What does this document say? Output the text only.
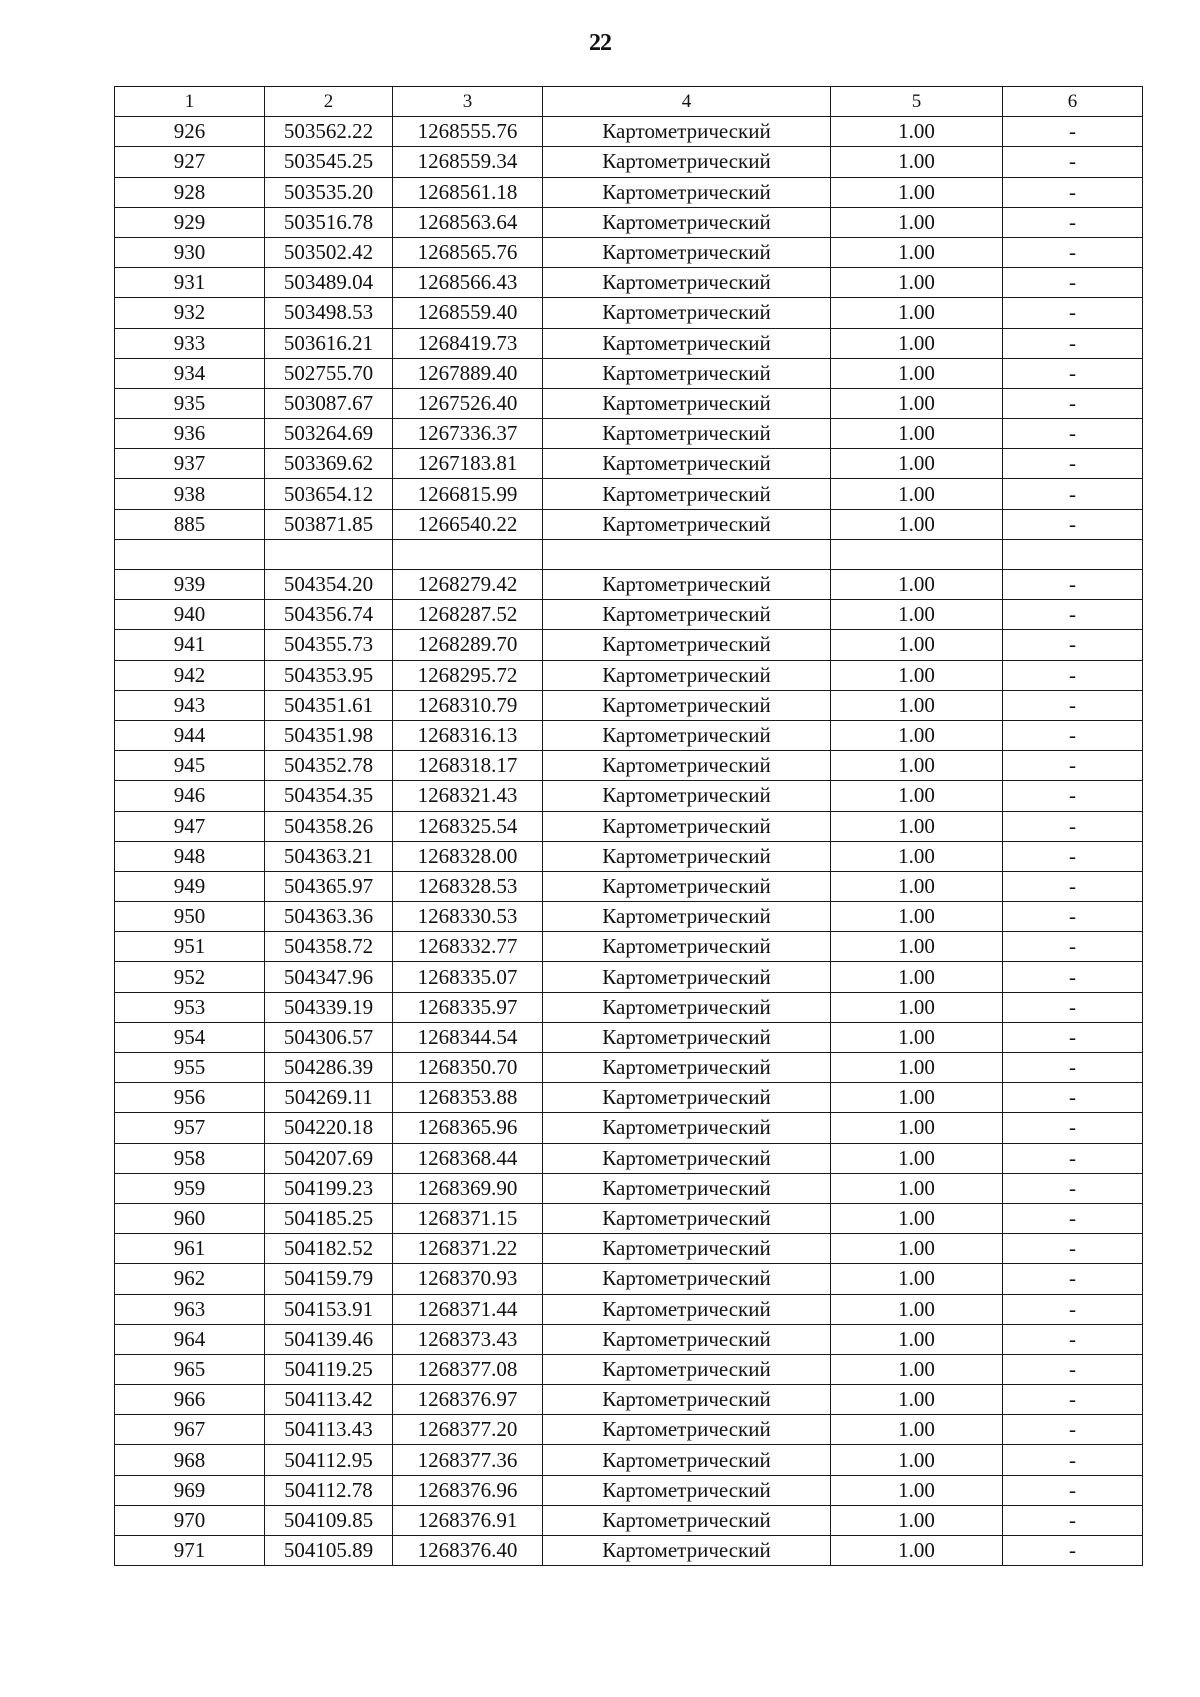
22
1	2	3	4	5	6
926	503562.22	1268555.76	Картометрический	1.00	-
927	503545.25	1268559.34	Картометрический	1.00	-
928	503535.20	1268561.18	Картометрический	1.00	-
929	503516.78	1268563.64	Картометрический	1.00	-
930	503502.42	1268565.76	Картометрический	1.00	-
931	503489.04	1268566.43	Картометрический	1.00	-
932	503498.53	1268559.40	Картометрический	1.00	-
933	503616.21	1268419.73	Картометрический	1.00	-
934	502755.70	1267889.40	Картометрический	1.00	-
935	503087.67	1267526.40	Картометрический	1.00	-
936	503264.69	1267336.37	Картометрический	1.00	-
937	503369.62	1267183.81	Картометрический	1.00	-
938	503654.12	1266815.99	Картометрический	1.00	-
885	503871.85	1266540.22	Картометрический	1.00	-

939	504354.20	1268279.42	Картометрический	1.00	-
940	504356.74	1268287.52	Картометрический	1.00	-
941	504355.73	1268289.70	Картометрический	1.00	-
942	504353.95	1268295.72	Картометрический	1.00	-
943	504351.61	1268310.79	Картометрический	1.00	-
944	504351.98	1268316.13	Картометрический	1.00	-
945	504352.78	1268318.17	Картометрический	1.00	-
946	504354.35	1268321.43	Картометрический	1.00	-
947	504358.26	1268325.54	Картометрический	1.00	-
948	504363.21	1268328.00	Картометрический	1.00	-
949	504365.97	1268328.53	Картометрический	1.00	-
950	504363.36	1268330.53	Картометрический	1.00	-
951	504358.72	1268332.77	Картометрический	1.00	-
952	504347.96	1268335.07	Картометрический	1.00	-
953	504339.19	1268335.97	Картометрический	1.00	-
954	504306.57	1268344.54	Картометрический	1.00	-
955	504286.39	1268350.70	Картометрический	1.00	-
956	504269.11	1268353.88	Картометрический	1.00	-
957	504220.18	1268365.96	Картометрический	1.00	-
958	504207.69	1268368.44	Картометрический	1.00	-
959	504199.23	1268369.90	Картометрический	1.00	-
960	504185.25	1268371.15	Картометрический	1.00	-
961	504182.52	1268371.22	Картометрический	1.00	-
962	504159.79	1268370.93	Картометрический	1.00	-
963	504153.91	1268371.44	Картометрический	1.00	-
964	504139.46	1268373.43	Картометрический	1.00	-
965	504119.25	1268377.08	Картометрический	1.00	-
966	504113.42	1268376.97	Картометрический	1.00	-
967	504113.43	1268377.20	Картометрический	1.00	-
968	504112.95	1268377.36	Картометрический	1.00	-
969	504112.78	1268376.96	Картометрический	1.00	-
970	504109.85	1268376.91	Картометрический	1.00	-
971	504105.89	1268376.40	Картометрический	1.00	-
